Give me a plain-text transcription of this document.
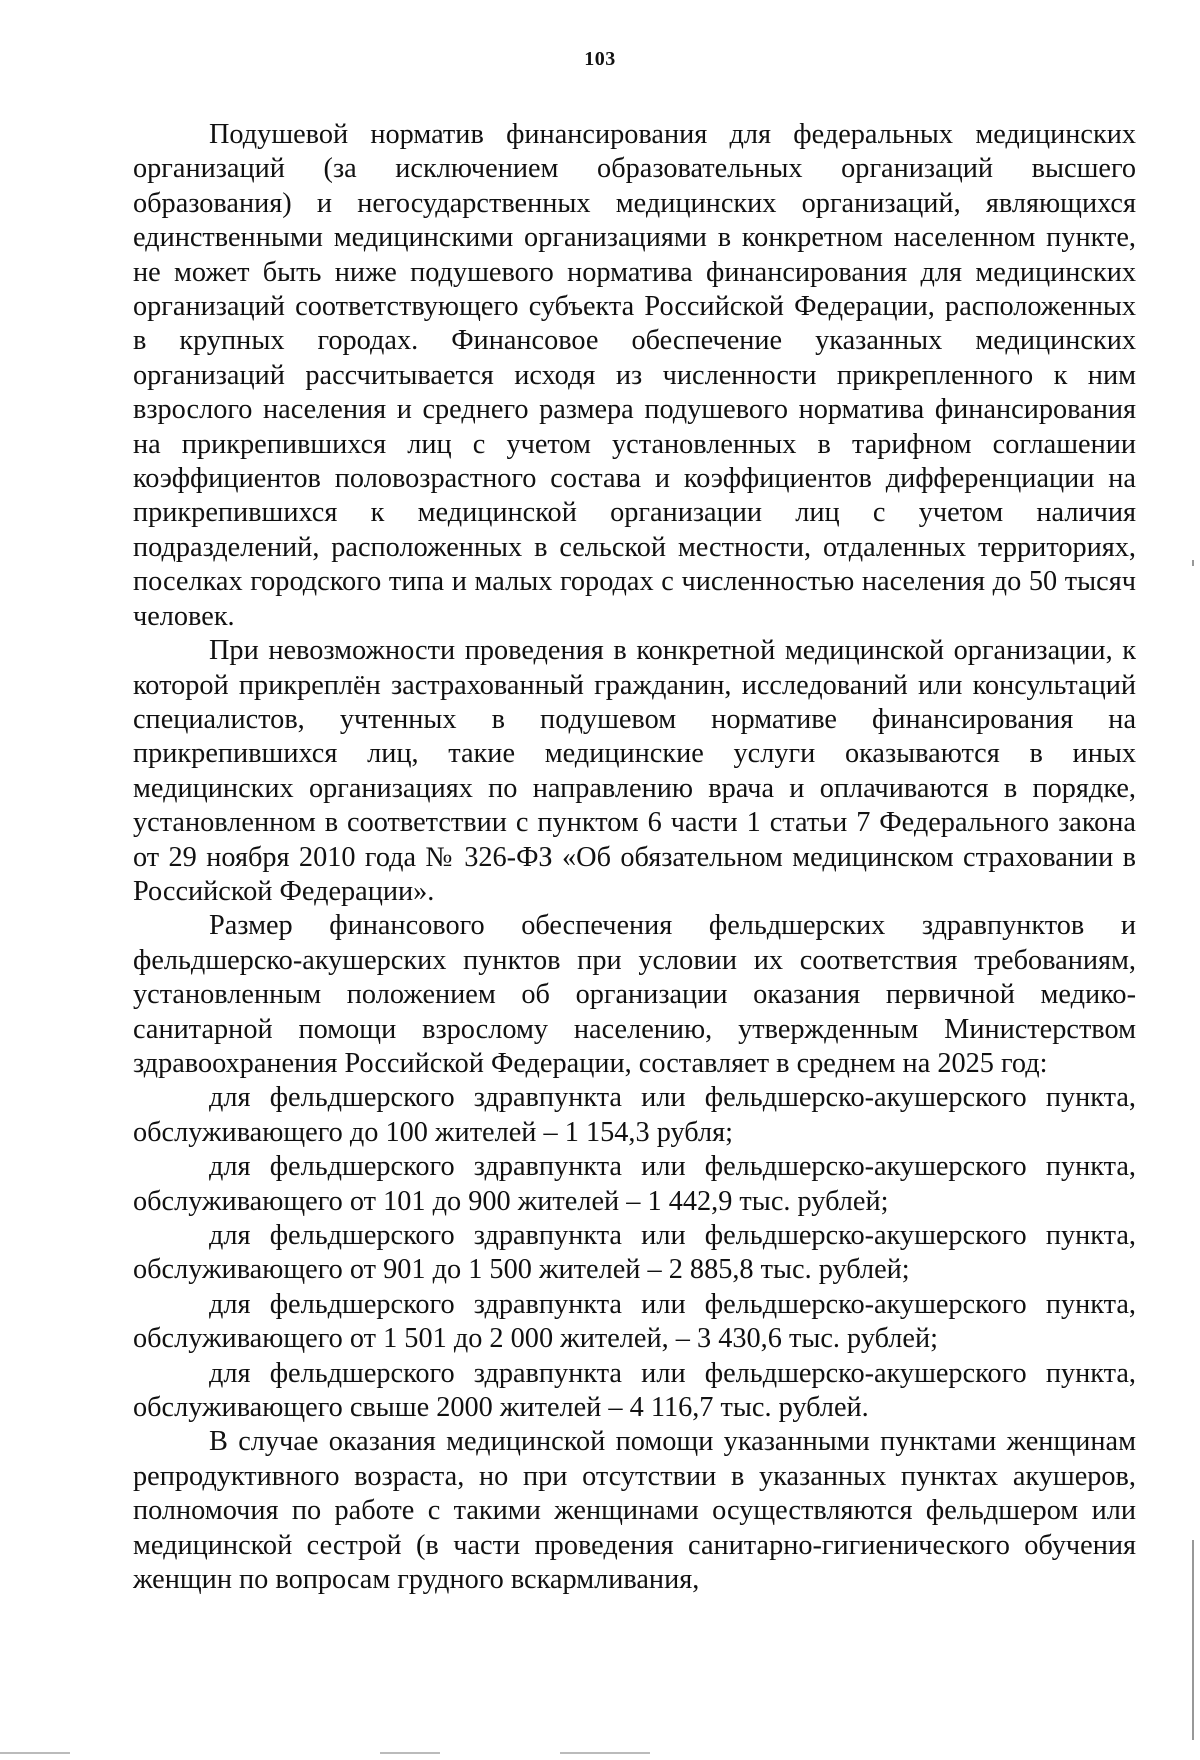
103

Подушевой норматив финансирования для федеральных медицинских организаций (за исключением образовательных организаций высшего образования) и негосударственных медицинских организаций, являющихся единственными медицинскими организациями в конкретном населенном пункте, не может быть ниже подушевого норматива финансирования для медицинских организаций соответствующего субъекта Российской Федерации, расположенных в крупных городах. Финансовое обеспечение указанных медицинских организаций рассчитывается исходя из численности прикрепленного к ним взрослого населения и среднего размера подушевого норматива финансирования на прикрепившихся лиц с учетом установленных в тарифном соглашении коэффициентов половозрастного состава и коэффициентов дифференциации на прикрепившихся к медицинской организации лиц с учетом наличия подразделений, расположенных в сельской местности, отдаленных территориях, поселках городского типа и малых городах с численностью населения до 50 тысяч человек.

При невозможности проведения в конкретной медицинской организации, к которой прикреплён застрахованный гражданин, исследований или консультаций специалистов, учтенных в подушевом нормативе финансирования на прикрепившихся лиц, такие медицинские услуги оказываются в иных медицинских организациях по направлению врача и оплачиваются в порядке, установленном в соответствии с пунктом 6 части 1 статьи 7 Федерального закона от 29 ноября 2010 года № 326-ФЗ «Об обязательном медицинском страховании в Российской Федерации».

Размер финансового обеспечения фельдшерских здравпунктов и фельдшерско-акушерских пунктов при условии их соответствия требованиям, установленным положением об организации оказания первичной медико-санитарной помощи взрослому населению, утвержденным Министерством здравоохранения Российской Федерации, составляет в среднем на 2025 год:

для фельдшерского здравпункта или фельдшерско-акушерского пункта, обслуживающего до 100 жителей – 1 154,3 рубля;

для фельдшерского здравпункта или фельдшерско-акушерского пункта, обслуживающего от 101 до 900 жителей – 1 442,9 тыс. рублей;

для фельдшерского здравпункта или фельдшерско-акушерского пункта, обслуживающего от 901 до 1 500 жителей – 2 885,8 тыс. рублей;

для фельдшерского здравпункта или фельдшерско-акушерского пункта, обслуживающего от 1 501 до 2 000 жителей, – 3 430,6 тыс. рублей;

для фельдшерского здравпункта или фельдшерско-акушерского пункта, обслуживающего свыше 2000 жителей – 4 116,7 тыс. рублей.

В случае оказания медицинской помощи указанными пунктами женщинам репродуктивного возраста, но при отсутствии в указанных пунктах акушеров, полномочия по работе с такими женщинами осуществляются фельдшером или медицинской сестрой (в части проведения санитарно-гигиенического обучения женщин по вопросам грудного вскармливания,
